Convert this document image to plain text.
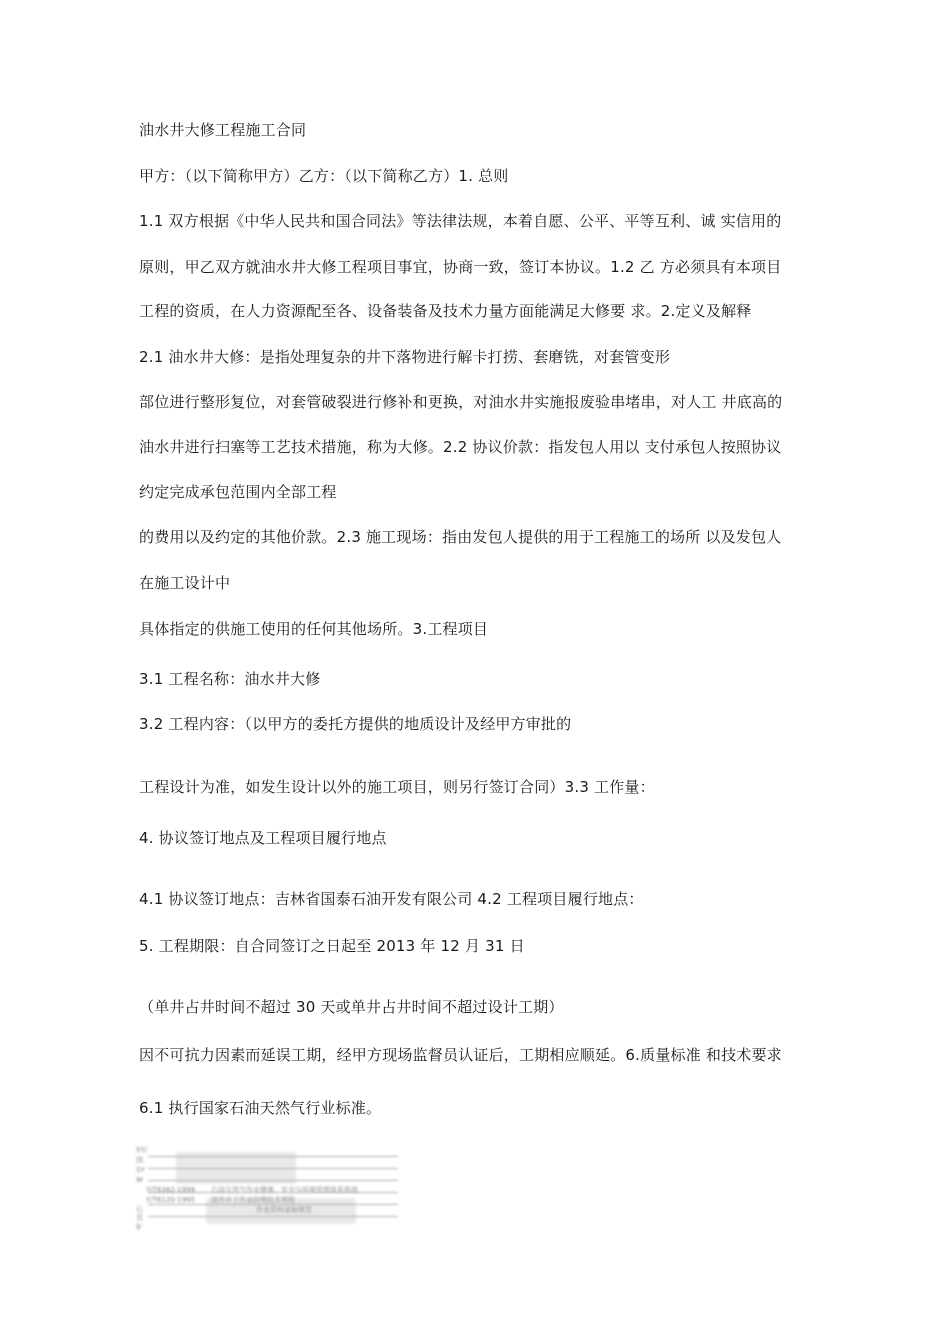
油水井大修工程施工合同
甲方：（以下简称甲方）乙方：（以下简称乙方）1. 总则
1.1 双方根据《中华人民共和国合同法》等法律法规，本着自愿、公平、平等互利、诚 实信用的
原则，甲乙双方就油水井大修工程项目事宜，协商一致，签订本协议。1.2 乙 方必须具有本项目
工程的资质，在人力资源配至各、设备装备及技术力量方面能满足大修要 求。2.定义及解释
2.1 油水井大修：是指处理复杂的井下落物进行解卡打捞、套磨铣，对套管变形
部位进行整形复位，对套管破裂进行修补和更换，对油水井实施报废验串堵串，对人工 井底高的
油水井进行扫塞等工艺技术措施，称为大修。2.2 协议价款：指发包人用以 支付承包人按照协议
约定完成承包范围内全部工程
的费用以及约定的其他价款。2.3 施工现场：指由发包人提供的用于工程施工的场所 以及发包人
在施工设计中
具体指定的供施工使用的任何其他场所。3.工程项目
3.1 工程名称：油水井大修
3.2 工程内容：（以甲方的委托方提供的地质设计及经甲方审批的
工程设计为准，如发生设计以外的施工项目，则另行签订合同）3.3 工作量：
4. 协议签订地点及工程项目履行地点
4.1 协议签订地点：吉林省国泰石油开发有限公司 4.2 工程项目履行地点：
5. 工程期限：自合同签订之日起至 2013 年 12 月 31 日
（单井占井时间不超过 30 天或单井占井时间不超过设计工期）
因不可抗力因素而延误工期，经甲方现场监督员认证后，工期相应顺延。6.质量标准 和技术要求
6.1 执行国家石油天然气行业标准。
SY/
国
SY
W
Y/T6362-1999
Y/T6120-1995
石
员
g-
石油天然气作业健康、安全与环境管理体系指南
油井井下作业防喷技术规程
作业资料录取规范
